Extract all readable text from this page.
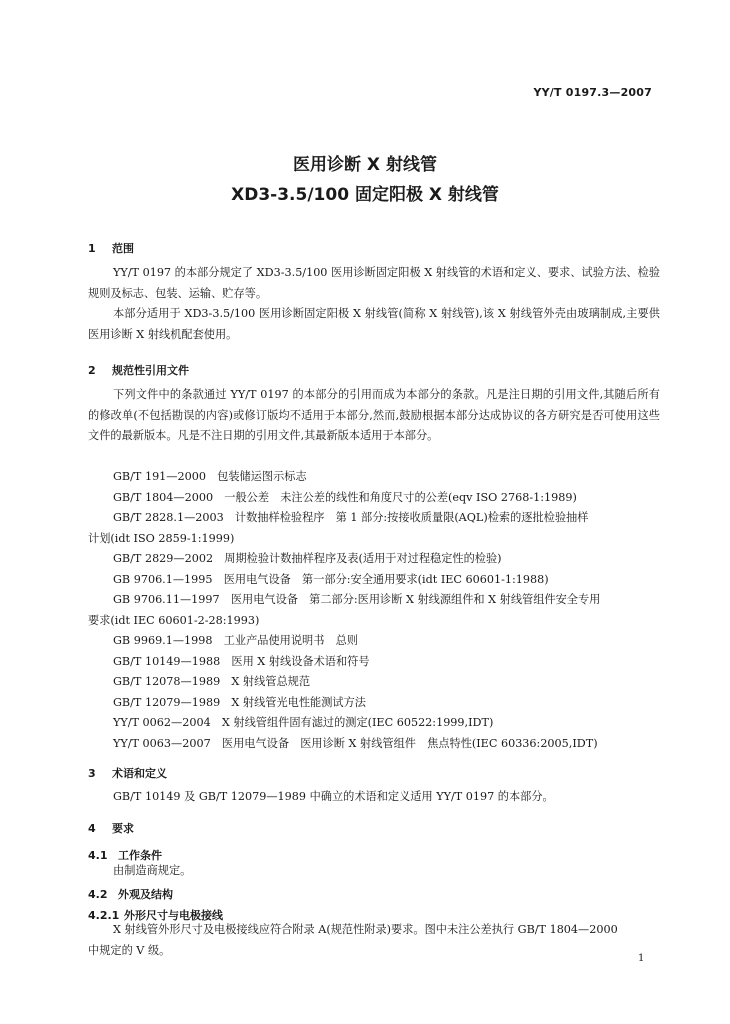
YY/T 0197.3—2007
医用诊断 X 射线管
XD3-3.5/100 固定阳极 X 射线管
1 范围
YY/T 0197 的本部分规定了 XD3-3.5/100 医用诊断固定阳极 X 射线管的术语和定义、要求、试验方法、检验规则及标志、包装、运输、贮存等。
本部分适用于 XD3-3.5/100 医用诊断固定阳极 X 射线管(简称 X 射线管),该 X 射线管外壳由玻璃制成,主要供医用诊断 X 射线机配套使用。
2 规范性引用文件
下列文件中的条款通过 YY/T 0197 的本部分的引用而成为本部分的条款。凡是注日期的引用文件,其随后所有的修改单(不包括勘误的内容)或修订版均不适用于本部分,然而,鼓励根据本部分达成协议的各方研究是否可使用这些文件的最新版本。凡是不注日期的引用文件,其最新版本适用于本部分。
GB/T 191—2000　包装储运图示标志
GB/T 1804—2000　一般公差　未注公差的线性和角度尺寸的公差(eqv ISO 2768-1:1989)
GB/T 2828.1—2003　计数抽样检验程序　第 1 部分:按接收质量限(AQL)检索的逐批检验抽样
计划(idt ISO 2859-1:1999)
GB/T 2829—2002　周期检验计数抽样程序及表(适用于对过程稳定性的检验)
GB 9706.1—1995　医用电气设备　第一部分:安全通用要求(idt IEC 60601-1:1988)
GB 9706.11—1997　医用电气设备　第二部分:医用诊断 X 射线源组件和 X 射线管组件安全专用
要求(idt IEC 60601-2-28:1993)
GB 9969.1—1998　工业产品使用说明书　总则
GB/T 10149—1988　医用 X 射线设备术语和符号
GB/T 12078—1989　X 射线管总规范
GB/T 12079—1989　X 射线管光电性能测试方法
YY/T 0062—2004　X 射线管组件固有滤过的测定(IEC 60522:1999,IDT)
YY/T 0063—2007　医用电气设备　医用诊断 X 射线管组件　焦点特性(IEC 60336:2005,IDT)
3 术语和定义
GB/T 10149 及 GB/T 12079—1989 中确立的术语和定义适用 YY/T 0197 的本部分。
4 要求
4.1 工作条件
由制造商规定。
4.2 外观及结构
4.2.1 外形尺寸与电极接线
X 射线管外形尺寸及电极接线应符合附录 A(规范性附录)要求。图中未注公差执行 GB/T 1804—2000
中规定的 V 级。
1
